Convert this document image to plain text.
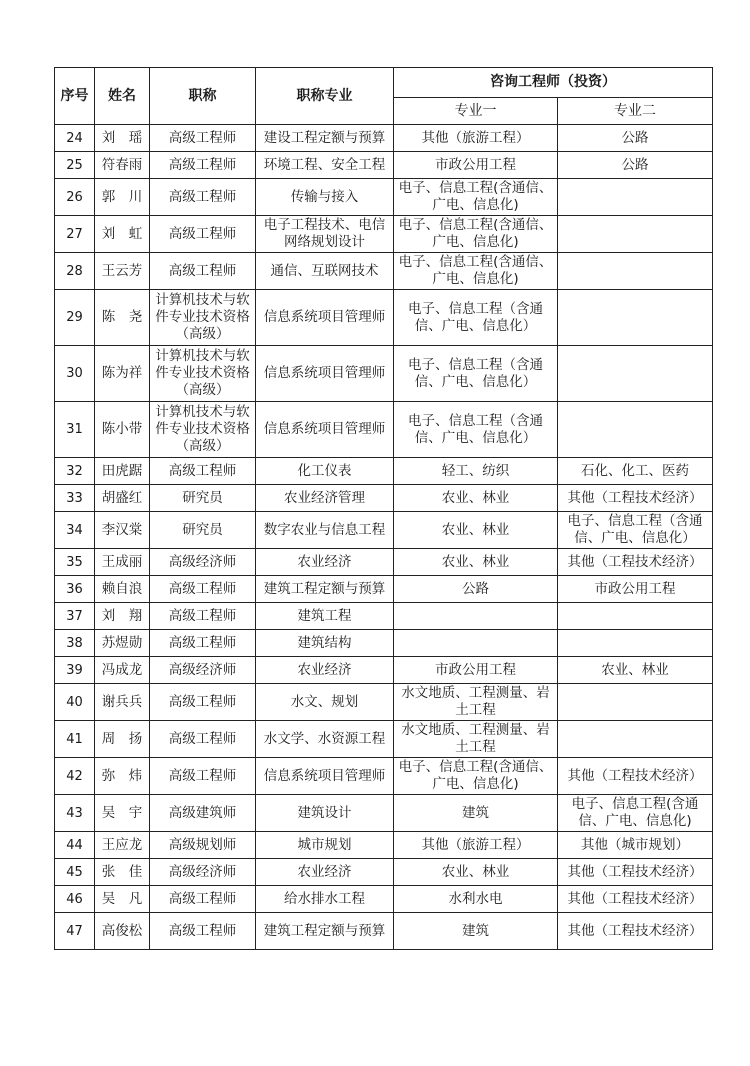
序号	姓名	职称	职称专业	咨询工程师（投资）	
				专业一	专业二
24	刘　瑶	高级工程师	建设工程定额与预算	其他（旅游工程）	公路
25	符春雨	高级工程师	环境工程、安全工程	市政公用工程	公路
26	郭　川	高级工程师	传输与接入	电子、信息工程(含通信、广电、信息化)	
27	刘　虹	高级工程师	电子工程技术、电信网络规划设计	电子、信息工程(含通信、广电、信息化)	
28	王云芳	高级工程师	通信、互联网技术	电子、信息工程(含通信、广电、信息化)	
29	陈　尧	计算机技术与软件专业技术资格（高级）	信息系统项目管理师	电子、信息工程（含通信、广电、信息化）	
30	陈为祥	计算机技术与软件专业技术资格（高级）	信息系统项目管理师	电子、信息工程（含通信、广电、信息化）	
31	陈小带	计算机技术与软件专业技术资格（高级）	信息系统项目管理师	电子、信息工程（含通信、广电、信息化）	
32	田虎踞	高级工程师	化工仪表	轻工、纺织	石化、化工、医药
33	胡盛红	研究员	农业经济管理	农业、林业	其他（工程技术经济）
34	李汉棠	研究员	数字农业与信息工程	农业、林业	电子、信息工程（含通信、广电、信息化）
35	王成丽	高级经济师	农业经济	农业、林业	其他（工程技术经济）
36	赖自浪	高级工程师	建筑工程定额与预算	公路	市政公用工程
37	刘　翔	高级工程师	建筑工程		
38	苏煜勋	高级工程师	建筑结构		
39	冯成龙	高级经济师	农业经济	市政公用工程	农业、林业
40	谢兵兵	高级工程师	水文、规划	水文地质、工程测量、岩土工程	
41	周　扬	高级工程师	水文学、水资源工程	水文地质、工程测量、岩土工程	
42	弥　炜	高级工程师	信息系统项目管理师	电子、信息工程(含通信、广电、信息化)	其他（工程技术经济）
43	吴　宇	高级建筑师	建筑设计	建筑	电子、信息工程(含通信、广电、信息化)
44	王应龙	高级规划师	城市规划	其他（旅游工程）	其他（城市规划）
45	张　佳	高级经济师	农业经济	农业、林业	其他（工程技术经济）
46	吴　凡	高级工程师	给水排水工程	水利水电	其他（工程技术经济）
47	高俊松	高级工程师	建筑工程定额与预算	建筑	其他（工程技术经济）
